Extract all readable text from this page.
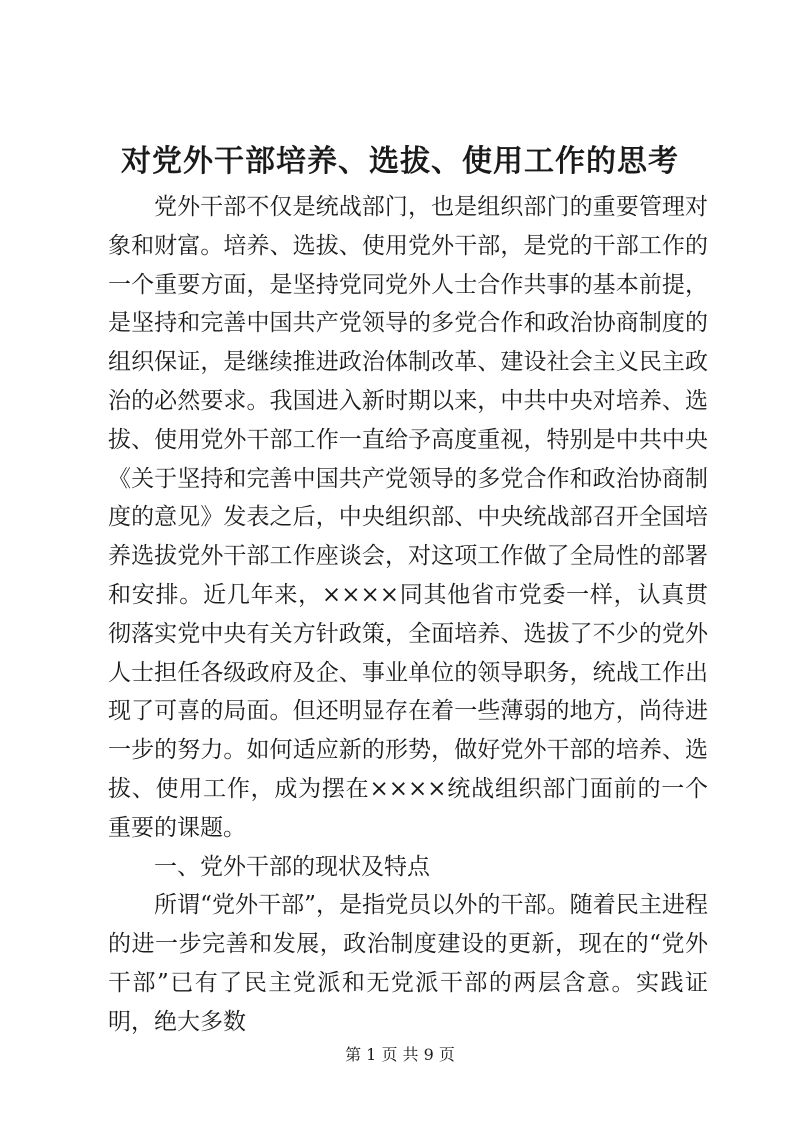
对党外干部培养、选拔、使用工作的思考

党外干部不仅是统战部门，也是组织部门的重要管理对象和财富。培养、选拔、使用党外干部，是党的干部工作的一个重要方面，是坚持党同党外人士合作共事的基本前提，是坚持和完善中国共产党领导的多党合作和政治协商制度的组织保证，是继续推进政治体制改革、建设社会主义民主政治的必然要求。我国进入新时期以来，中共中央对培养、选拔、使用党外干部工作一直给予高度重视，特别是中共中央《关于坚持和完善中国共产党领导的多党合作和政治协商制度的意见》发表之后，中央组织部、中央统战部召开全国培养选拔党外干部工作座谈会，对这项工作做了全局性的部署和安排。近几年来，××××同其他省市党委一样，认真贯彻落实党中央有关方针政策，全面培养、选拔了不少的党外人士担任各级政府及企、事业单位的领导职务，统战工作出现了可喜的局面。但还明显存在着一些薄弱的地方，尚待进一步的努力。如何适应新的形势，做好党外干部的培养、选拔、使用工作，成为摆在××××统战组织部门面前的一个重要的课题。

一、党外干部的现状及特点

所谓“党外干部”，是指党员以外的干部。随着民主进程的进一步完善和发展，政治制度建设的更新，现在的“党外干部”已有了民主党派和无党派干部的两层含意。实践证明，绝大多数

第 1 页 共 9 页
